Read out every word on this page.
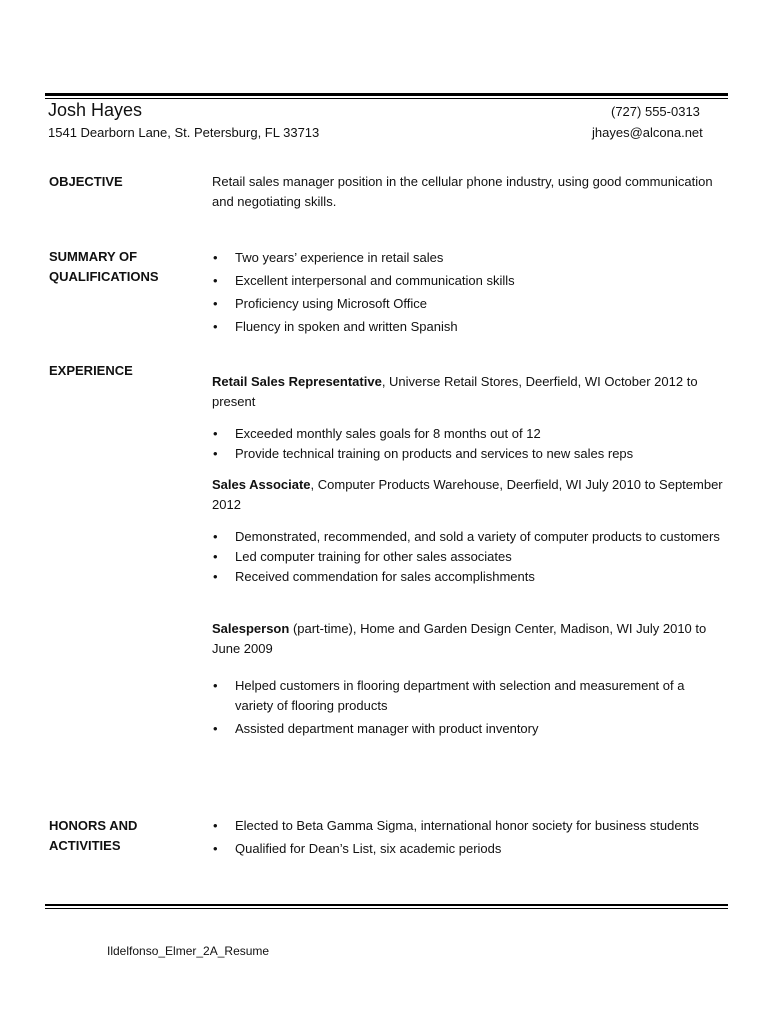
Josh Hayes
1541 Dearborn Lane, St. Petersburg, FL 33713
(727) 555-0313
jhayes@alcona.net
OBJECTIVE	Retail sales manager position in the cellular phone industry, using good communication and negotiating skills.

SUMMARY OF
QUALIFICATIONS
• Two years’ experience in retail sales
• Excellent interpersonal and communication skills
• Proficiency using Microsoft Office
• Fluency in spoken and written Spanish
EXPERIENCE
Retail Sales Representative, Universe Retail Stores, Deerfield, WI October 2012 to present
• Exceeded monthly sales goals for 8 months out of 12
• Provide technical training on products and services to new sales reps
Sales Associate, Computer Products Warehouse, Deerfield, WI July 2010 to September 2012
• Demonstrated, recommended, and sold a variety of computer products to customers
• Led computer training for other sales associates
• Received commendation for sales accomplishments
Salesperson (part-time), Home and Garden Design Center, Madison, WI July 2010 to June 2009
• Helped customers in flooring department with selection and measurement of a variety of flooring products
• Assisted department manager with product inventory
HONORS AND
ACTIVITIES
• Elected to Beta Gamma Sigma, international honor society for business students
• Qualified for Dean’s List, six academic periods
Ildelfonso_Elmer_2A_Resume
